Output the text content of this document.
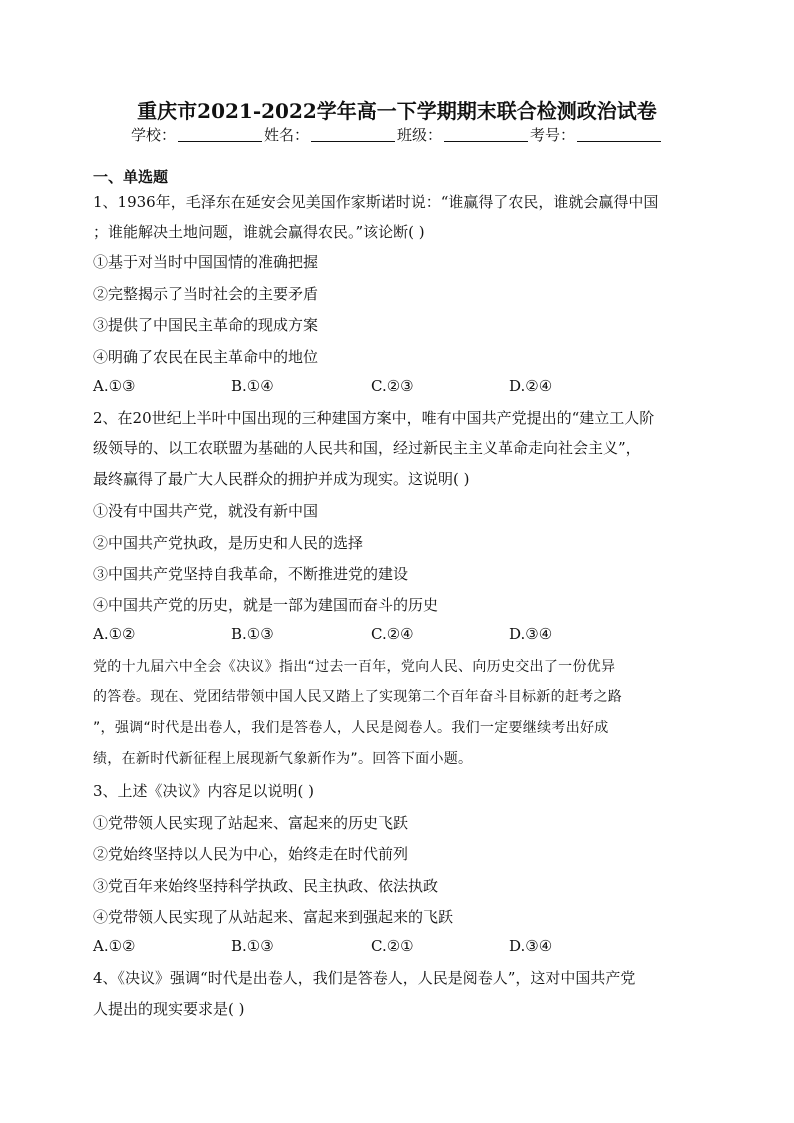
重庆市2021-2022学年高一下学期期末联合检测政治试卷
学校：	姓名：	班级：	考号：
一、单选题
1、1936年，毛泽东在延安会见美国作家斯诺时说：“谁赢得了农民，谁就会赢得中国
；谁能解决土地问题，谁就会赢得农民。”该论断( )
①基于对当时中国国情的准确把握
②完整揭示了当时社会的主要矛盾
③提供了中国民主革命的现成方案
④明确了农民在民主革命中的地位
A.①③	B.①④	C.②③	D.②④
2、在20世纪上半叶中国出现的三种建国方案中，唯有中国共产党提出的“建立工人阶
级领导的、以工农联盟为基础的人民共和国，经过新民主主义革命走向社会主义”，
最终赢得了最广大人民群众的拥护并成为现实。这说明( )
①没有中国共产党，就没有新中国
②中国共产党执政，是历史和人民的选择
③中国共产党坚持自我革命，不断推进党的建设
④中国共产党的历史，就是一部为建国而奋斗的历史
A.①②	B.①③	C.②④	D.③④
党的十九届六中全会《决议》指出“过去一百年，党向人民、向历史交出了一份优异
的答卷。现在、党团结带领中国人民又踏上了实现第二个百年奋斗目标新的赶考之路
”，强调“时代是出卷人，我们是答卷人，人民是阅卷人。我们一定要继续考出好成
绩，在新时代新征程上展现新气象新作为”。回答下面小题。
3、上述《决议》内容足以说明( )
①党带领人民实现了站起来、富起来的历史飞跃
②党始终坚持以人民为中心，始终走在时代前列
③党百年来始终坚持科学执政、民主执政、依法执政
④党带领人民实现了从站起来、富起来到强起来的飞跃
A.①②	B.①③	C.②①	D.③④
4、《决议》强调“时代是出卷人，我们是答卷人，人民是阅卷人”，这对中国共产党
人提出的现实要求是( )
